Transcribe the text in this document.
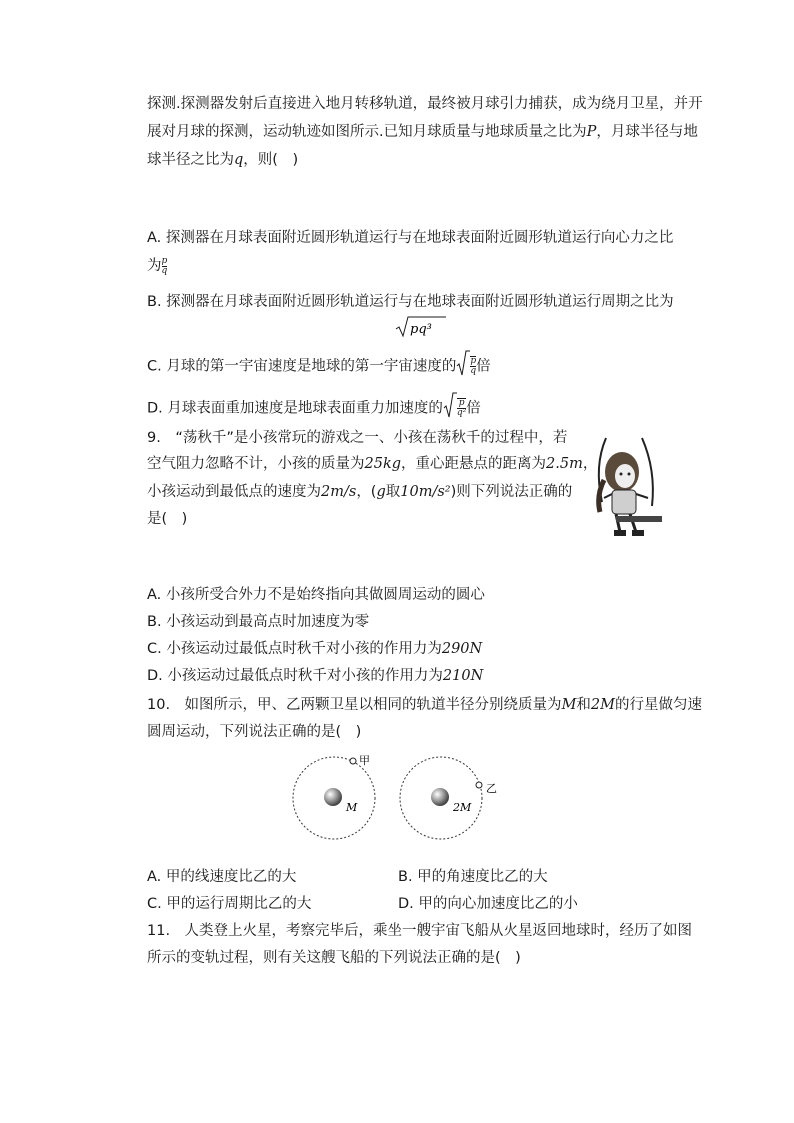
探测.探测器发射后直接进入地月转移轨道，最终被月球引力捕获，成为绕月卫星，并开
展对月球的探测，运动轨迹如图所示.已知月球质量与地球质量之比为P，月球半径与地
球半径之比为q，则(　)
A. 探测器在月球表面附近圆形轨道运行与在地球表面附近圆形轨道运行向心力之比
为 $\frac{p}{q}$
B. 探测器在月球表面附近圆形轨道运行与在地球表面附近圆形轨道运行周期之比为
pq³
C. 月球的第一宇宙速度是地球的第一宇宙速度的 $\frac{p}{q}$ 倍
D. 月球表面重加速度是地球表面重力加速度的 $\frac{p}{\text{q²}}$ 倍
9.　“荡秋千”是小孩常玩的游戏之一、小孩在荡秋千的过程中，若
空气阻力忽略不计，小孩的质量为25kg，重心距悬点的距离为2.5m，
小孩运动到最低点的速度为2m/s，(g取10m/s²)则下列说法正确的
是(　)
A. 小孩所受合外力不是始终指向其做圆周运动的圆心
B. 小孩运动到最高点时加速度为零
C. 小孩运动过最低点时秋千对小孩的作用力为290N
D. 小孩运动过最低点时秋千对小孩的作用力为210N
10.　如图所示，甲、乙两颗卫星以相同的轨道半径分别绕质量为M和2M的行星做匀速
圆周运动，下列说法正确的是(　)
M
甲
2M
乙
A. 甲的线速度比乙的大	B. 甲的角速度比乙的大
C. 甲的运行周期比乙的大	D. 甲的向心加速度比乙的小
11.　人类登上火星，考察完毕后，乘坐一艘宇宙飞船从火星返回地球时，经历了如图
所示的变轨过程，则有关这艘飞船的下列说法正确的是(　)
